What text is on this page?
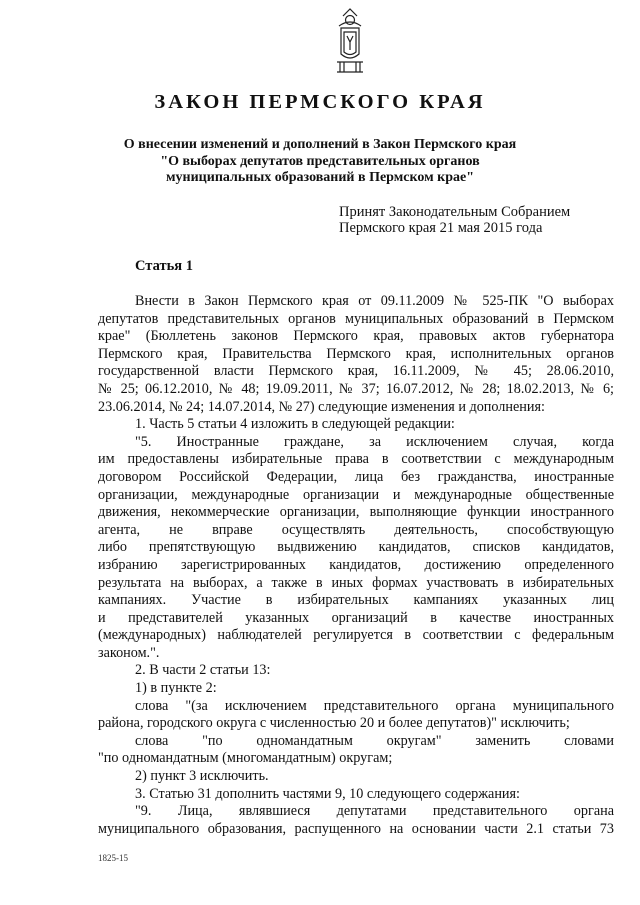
ЗАКОН ПЕРМСКОГО КРАЯ
О внесении изменений и дополнений в Закон Пермского края
"О выборах депутатов представительных органов
муниципальных образований в Пермском крае"
Принят Законодательным Собранием
Пермского края 21 мая 2015 года
Статья 1
Внести в Закон Пермского края от 09.11.2009 № 525-ПК "О выборах
депутатов представительных органов муниципальных образований в Пермском
крае" (Бюллетень законов Пермского края, правовых актов губернатора
Пермского края, Правительства Пермского края, исполнительных органов
государственной власти Пермского края, 16.11.2009, № 45; 28.06.2010,
№ 25; 06.12.2010, № 48; 19.09.2011, № 37; 16.07.2012, № 28; 18.02.2013, № 6;
23.06.2014, № 24; 14.07.2014, № 27) следующие изменения и дополнения:
1. Часть 5 статьи 4 изложить в следующей редакции:
"5. Иностранные граждане, за исключением случая, когда
им предоставлены избирательные права в соответствии с международным
договором Российской Федерации, лица без гражданства, иностранные
организации, международные организации и международные общественные
движения, некоммерческие организации, выполняющие функции иностранного
агента, не вправе осуществлять деятельность, способствующую
либо препятствующую выдвижению кандидатов, списков кандидатов,
избранию зарегистрированных кандидатов, достижению определенного
результата на выборах, а также в иных формах участвовать в избирательных
кампаниях. Участие в избирательных кампаниях указанных лиц
и представителей указанных организаций в качестве иностранных
(международных) наблюдателей регулируется в соответствии с федеральным
законом.".
2. В части 2 статьи 13:
1) в пункте 2:
слова "(за исключением представительного органа муниципального
района, городского округа с численностью 20 и более депутатов)" исключить;
слова "по одномандатным округам" заменить словами
"по одномандатным (многомандатным) округам;
2) пункт 3 исключить.
3. Статью 31 дополнить частями 9, 10 следующего содержания:
"9. Лица, являвшиеся депутатами представительного органа
муниципального образования, распущенного на основании части 2.1 статьи 73
1825-15
